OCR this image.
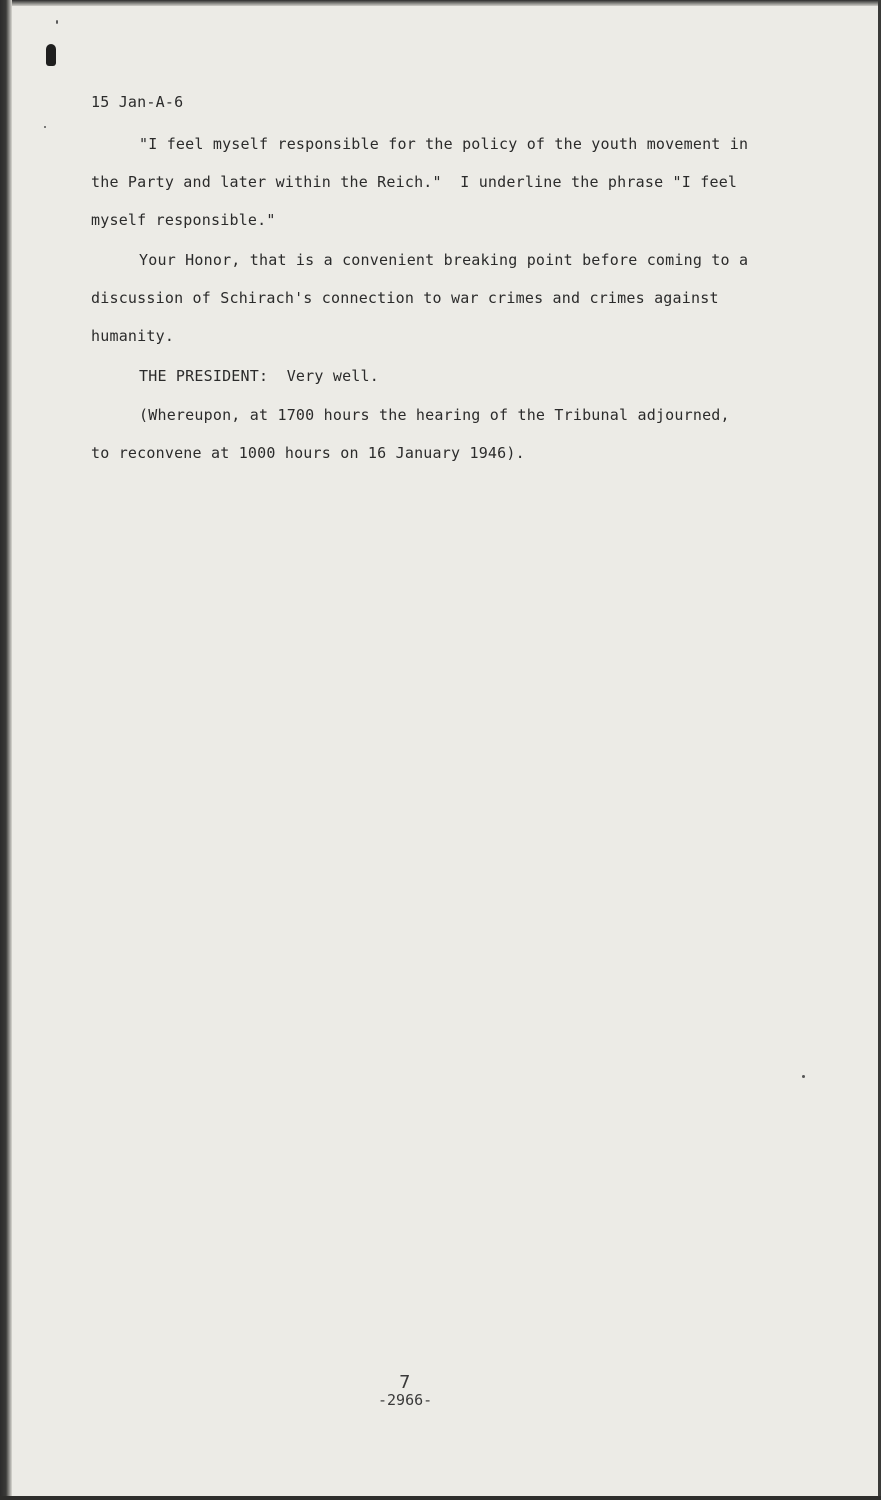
15 Jan-A-6
"I feel myself responsible for the policy of the youth movement in
the Party and later within the Reich."  I underline the phrase "I feel
myself responsible."
Your Honor, that is a convenient breaking point before coming to a
discussion of Schirach's connection to war crimes and crimes against
humanity.
THE PRESIDENT:  Very well.
(Whereupon, at 1700 hours the hearing of the Tribunal adjourned,
to reconvene at 1000 hours on 16 January 1946).
7
-2966-
